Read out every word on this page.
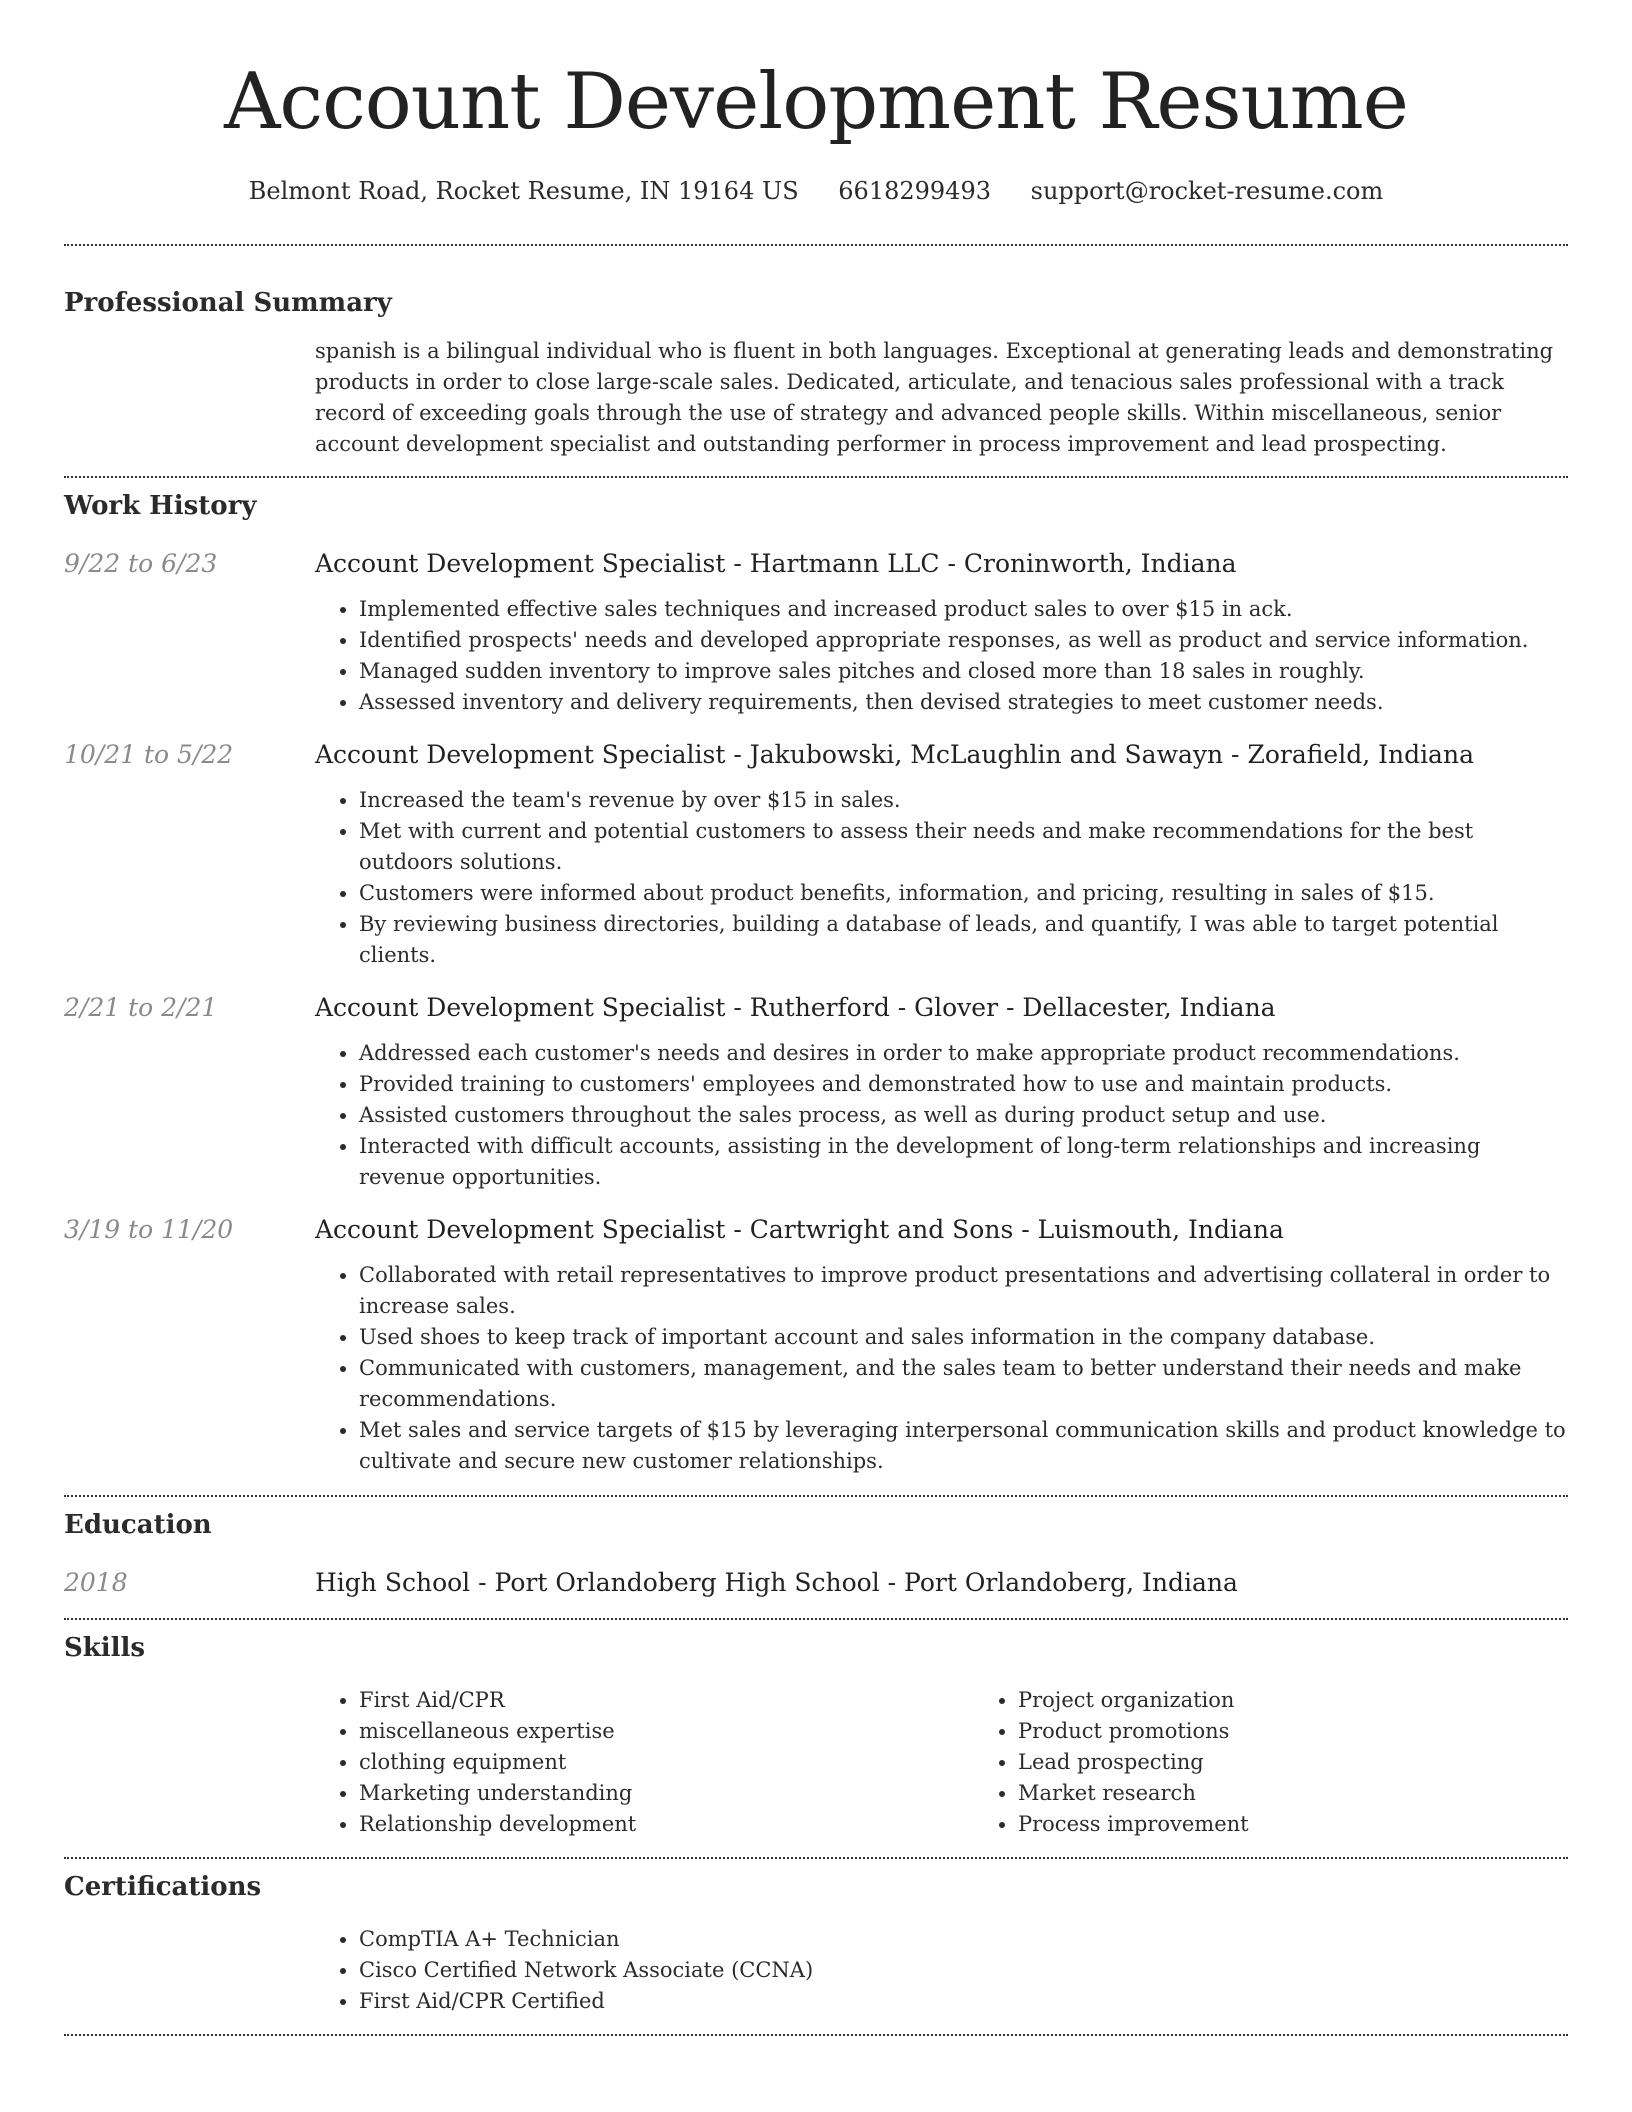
Account Development Resume
Belmont Road, Rocket Resume, IN 19164 US 6618299493 support@rocket-resume.com
Professional Summary
spanish is a bilingual individual who is fluent in both languages. Exceptional at generating leads and demonstrating products in order to close large-scale sales. Dedicated, articulate, and tenacious sales professional with a track record of exceeding goals through the use of strategy and advanced people skills. Within miscellaneous, senior account development specialist and outstanding performer in process improvement and lead prospecting.
Work History
9/22 to 6/23	Account Development Specialist - Hartmann LLC - Croninworth, Indiana
• Implemented effective sales techniques and increased product sales to over $15 in ack.
• Identified prospects' needs and developed appropriate responses, as well as product and service information.
• Managed sudden inventory to improve sales pitches and closed more than 18 sales in roughly.
• Assessed inventory and delivery requirements, then devised strategies to meet customer needs.
10/21 to 5/22	Account Development Specialist - Jakubowski, McLaughlin and Sawayn - Zorafield, Indiana
• Increased the team's revenue by over $15 in sales.
• Met with current and potential customers to assess their needs and make recommendations for the best outdoors solutions.
• Customers were informed about product benefits, information, and pricing, resulting in sales of $15.
• By reviewing business directories, building a database of leads, and quantify, I was able to target potential clients.
2/21 to 2/21	Account Development Specialist - Rutherford - Glover - Dellacester, Indiana
• Addressed each customer's needs and desires in order to make appropriate product recommendations.
• Provided training to customers' employees and demonstrated how to use and maintain products.
• Assisted customers throughout the sales process, as well as during product setup and use.
• Interacted with difficult accounts, assisting in the development of long-term relationships and increasing revenue opportunities.
3/19 to 11/20	Account Development Specialist - Cartwright and Sons - Luismouth, Indiana
• Collaborated with retail representatives to improve product presentations and advertising collateral in order to increase sales.
• Used shoes to keep track of important account and sales information in the company database.
• Communicated with customers, management, and the sales team to better understand their needs and make recommendations.
• Met sales and service targets of $15 by leveraging interpersonal communication skills and product knowledge to cultivate and secure new customer relationships.
Education
2018	High School - Port Orlandoberg High School - Port Orlandoberg, Indiana
Skills
• First Aid/CPR
• miscellaneous expertise
• clothing equipment
• Marketing understanding
• Relationship development
• Project organization
• Product promotions
• Lead prospecting
• Market research
• Process improvement
Certifications
• CompTIA A+ Technician
• Cisco Certified Network Associate (CCNA)
• First Aid/CPR Certified
